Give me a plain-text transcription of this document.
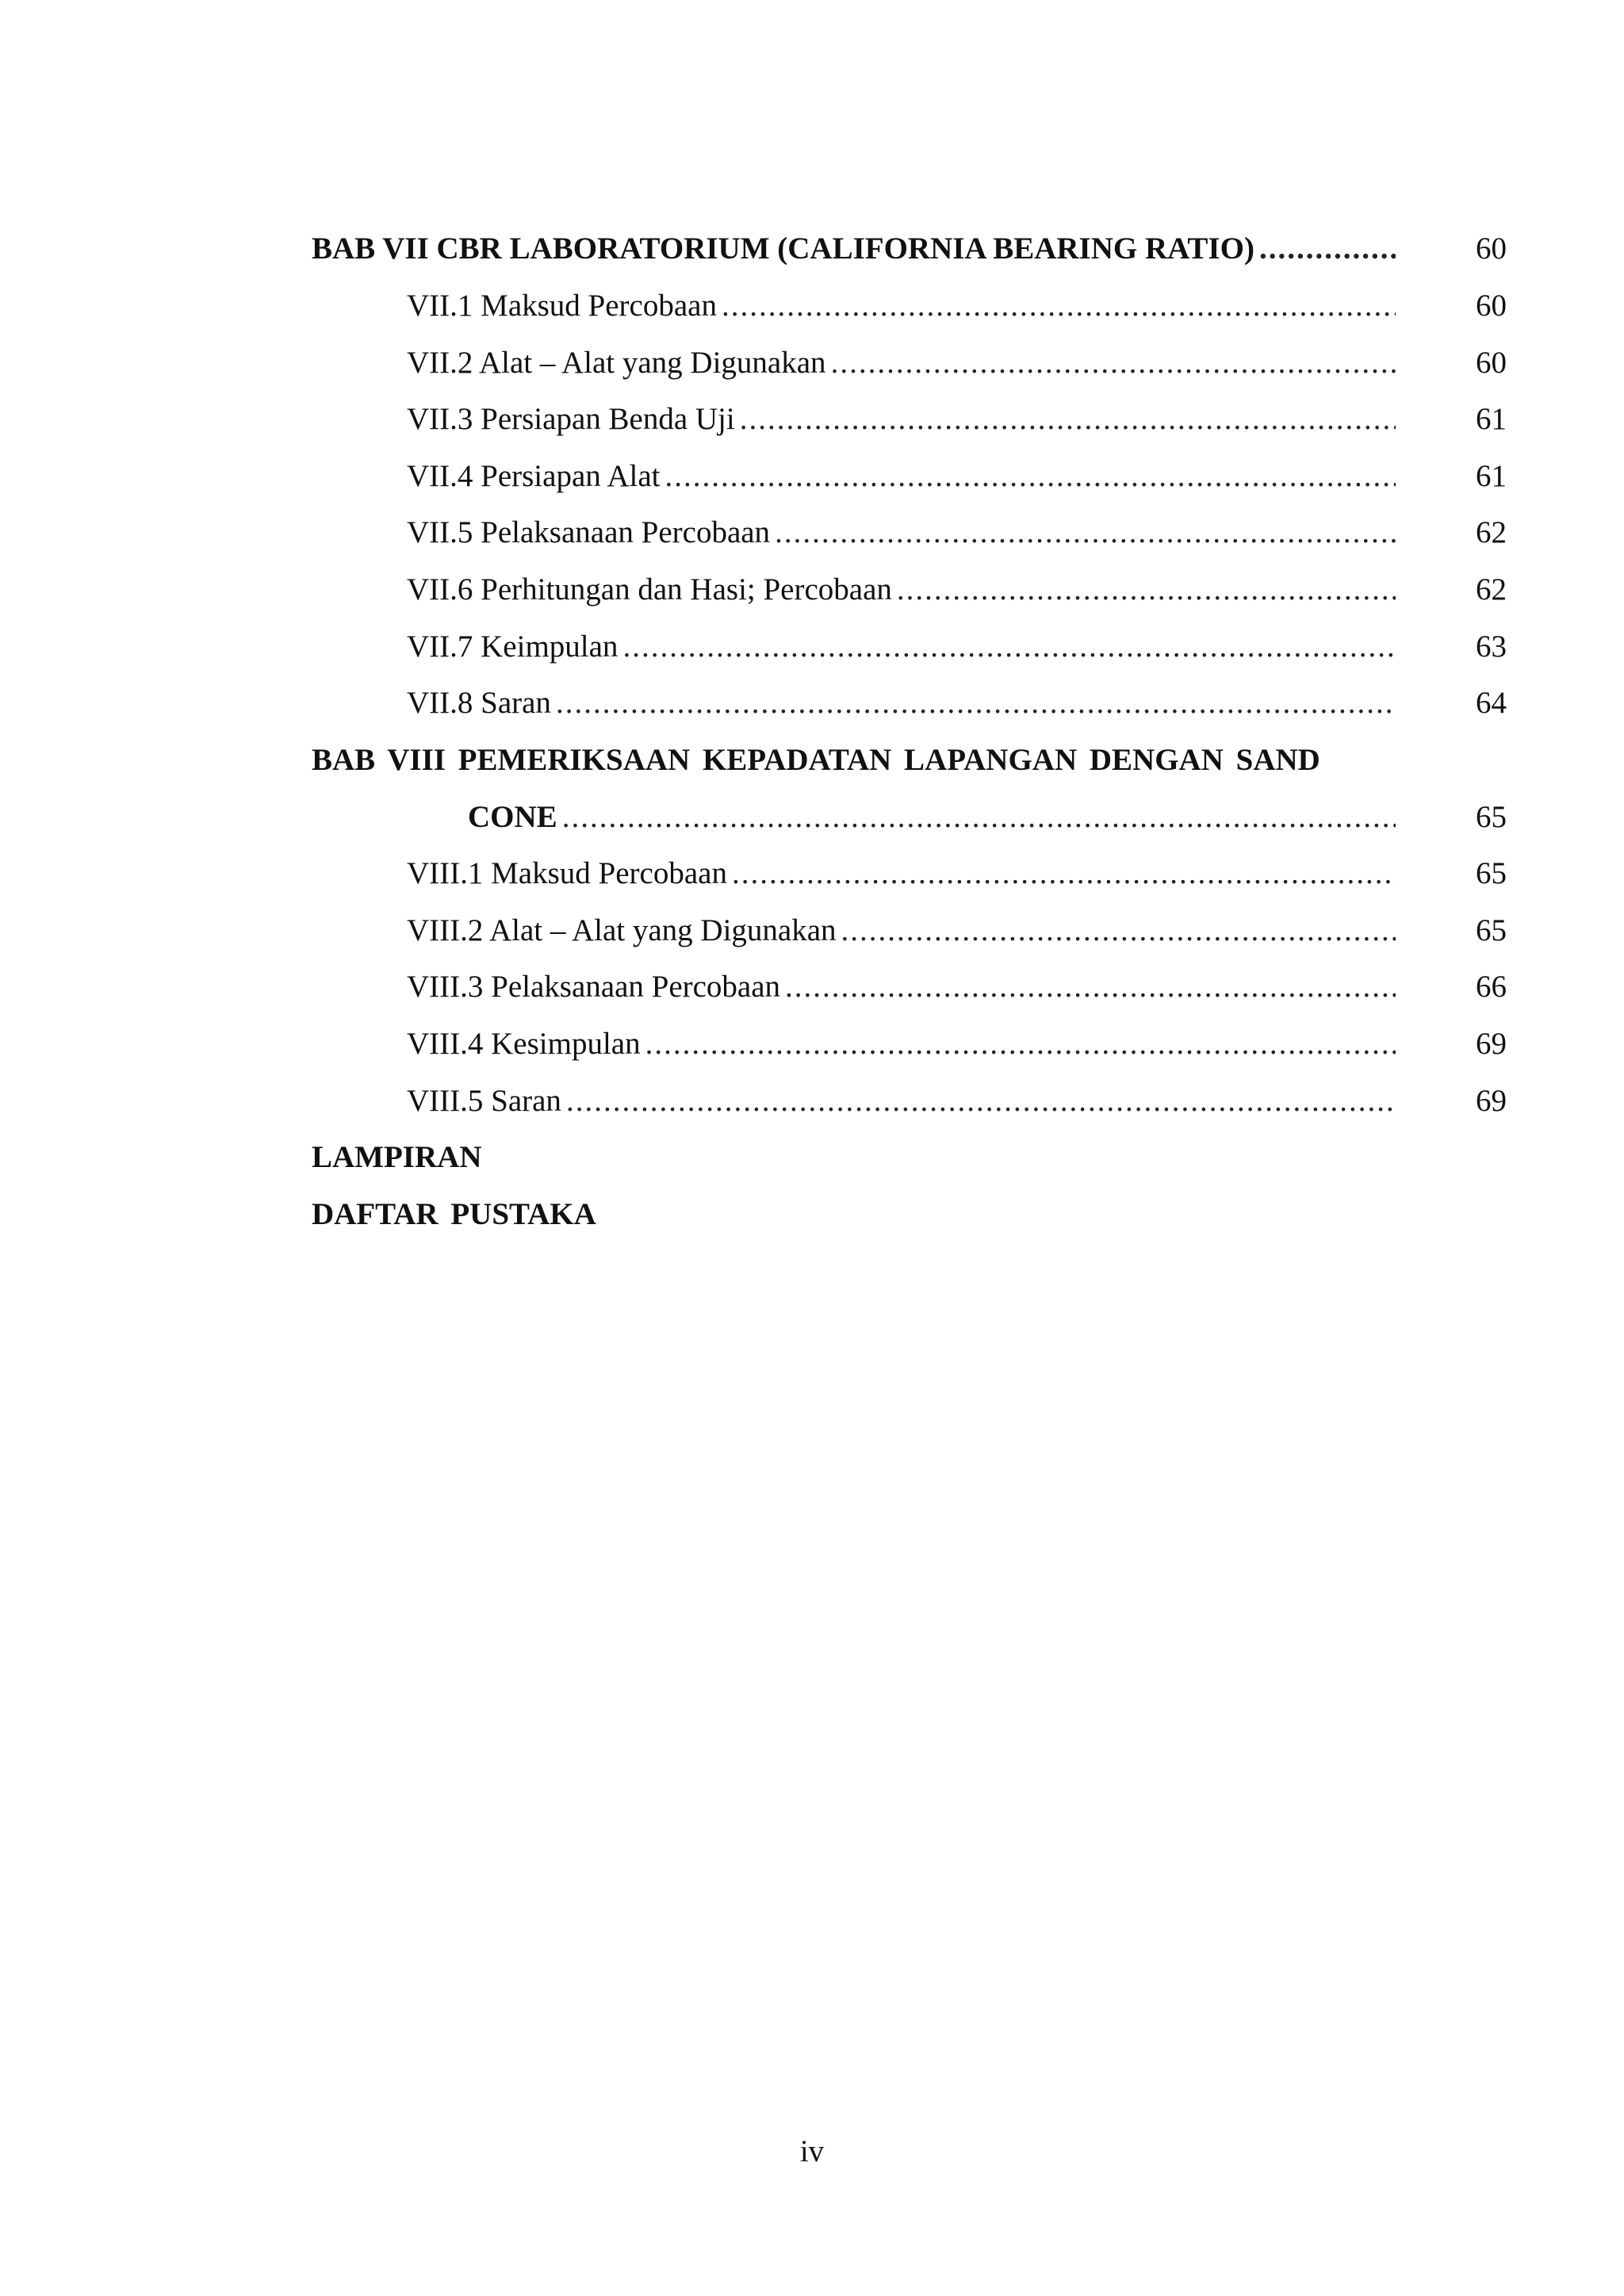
BAB VII CBR LABORATORIUM (CALIFORNIA BEARING RATIO) .....	60
VII.1 Maksud Percobaan .....	60
VII.2 Alat – Alat yang Digunakan .....	60
VII.3 Persiapan Benda Uji .....	61
VII.4 Persiapan Alat .....	61
VII.5 Pelaksanaan Percobaan .....	62
VII.6 Perhitungan dan Hasi; Percobaan .....	62
VII.7 Keimpulan .....	63
VII.8 Saran .....	64
BAB VIII PEMERIKSAAN KEPADATAN LAPANGAN DENGAN SAND
CONE .....	65
VIII.1 Maksud Percobaan .....	65
VIII.2 Alat – Alat yang Digunakan .....	65
VIII.3 Pelaksanaan Percobaan .....	66
VIII.4 Kesimpulan .....	69
VIII.5 Saran .....	69
LAMPIRAN
DAFTAR PUSTAKA
iv
